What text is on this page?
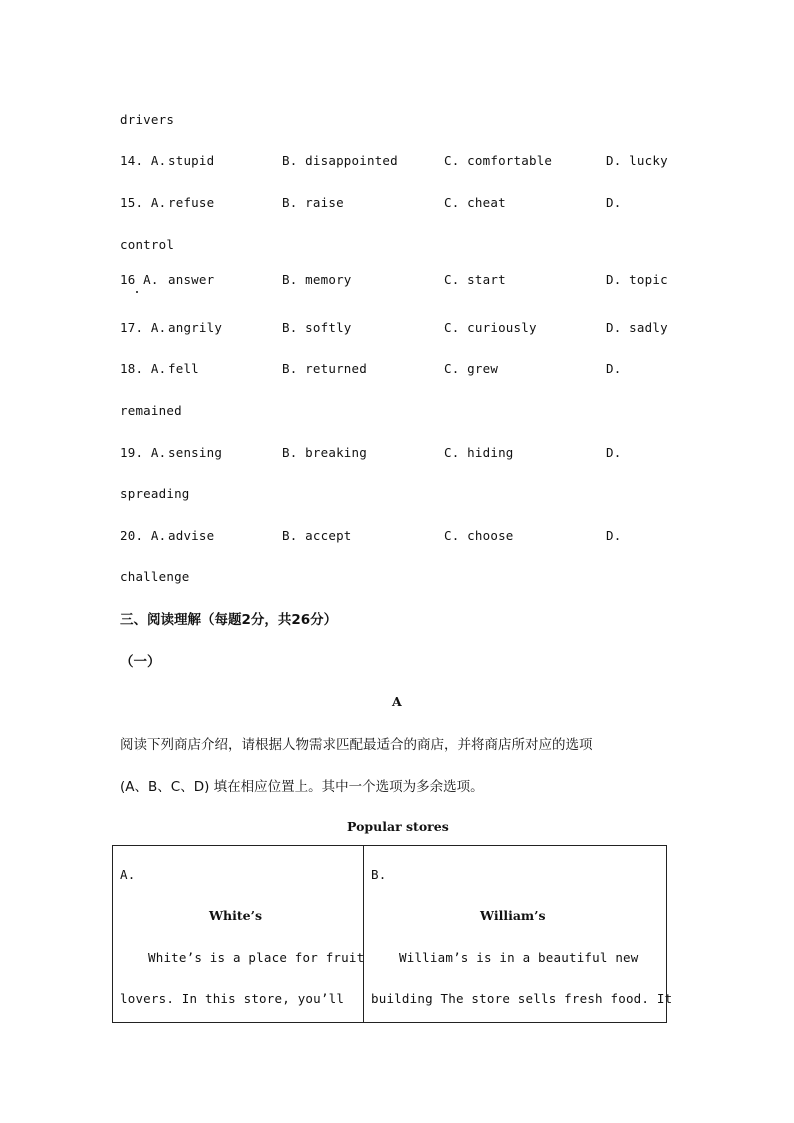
drivers
14. A. stupid	B. disappointed	C. comfortable	D. lucky
15. A. refuse	B. raise	C. cheat	D.
control
16 A. answer	B. memory	C. start	D. topic
17. A. angrily	B. softly	C. curiously	D. sadly
18. A. fell	B. returned	C. grew	D.
remained
19. A. sensing	B. breaking	C. hiding	D.
spreading
20. A. advise	B. accept	C. choose	D.
challenge
三、阅读理解（每题2分，共26分）
（一）
A
阅读下列商店介绍，请根据人物需求匹配最适合的商店，并将商店所对应的选项
(A、B、C、D) 填在相应位置上。其中一个选项为多余选项。
Popular stores
A.
White’s
White’s is a place for fruit
lovers. In this store, you’ll
B.
William’s
William’s is in a beautiful new
building The store sells fresh food. It
